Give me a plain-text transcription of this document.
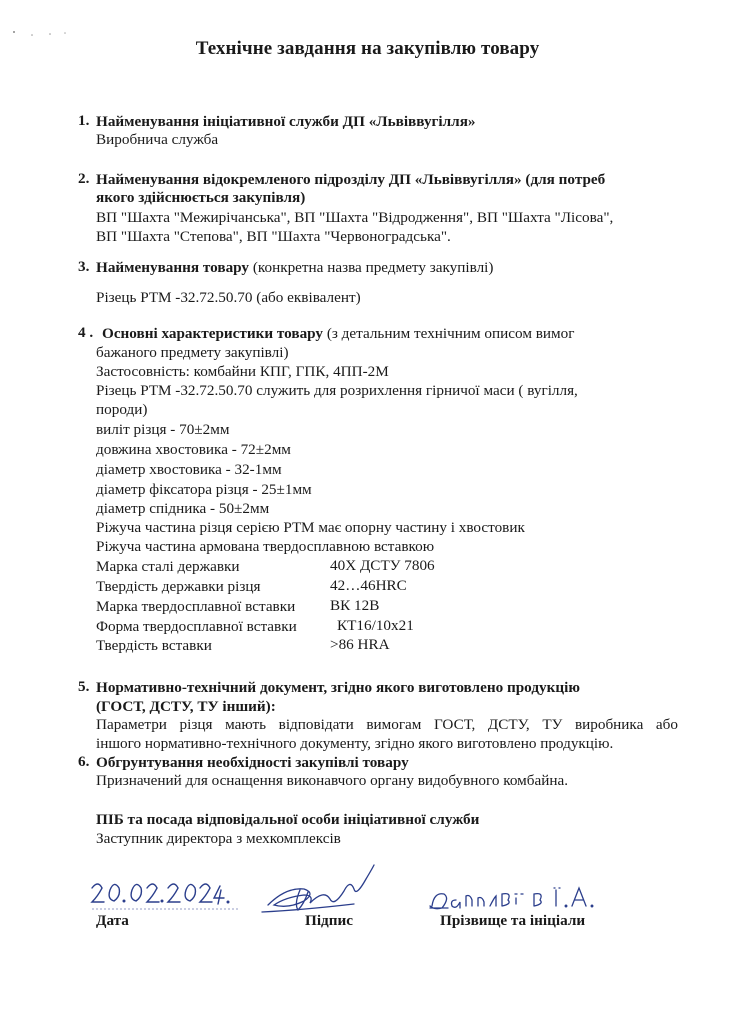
Технічне завдання на закупівлю товару
1. Найменування ініціативної служби ДП «Львіввугілля»
Виробнича служба
2. Найменування відокремленого підрозділу ДП «Львіввугілля» (для потреб
якого здійснюється закупівля)
ВП "Шахта "Межирічанська", ВП "Шахта "Відродження", ВП "Шахта "Лісова",
ВП "Шахта "Степова", ВП "Шахта "Червоноградська".
3. Найменування товару (конкретна назва предмету закупівлі)
Різець РТМ -32.72.50.70 (або еквівалент)
4 . Основні характеристики товару (з детальним технічним описом вимог
бажаного предмету закупівлі)
Застосовність: комбайни КПГ, ГПК, 4ПП-2М
Різець РТМ -32.72.50.70 служить для розрихлення гірничої маси ( вугілля,
породи)
виліт різця - 70±2мм
довжина хвостовика - 72±2мм
діаметр хвостовика - 32-1мм
діаметр фіксатора різця - 25±1мм
діаметр спідника - 50±2мм
Ріжуча частина різця серією РТМ має опорну частину і хвостовик
Ріжуча частина армована твердосплавною вставкою
Марка сталі державки	40Х ДСТУ 7806
Твердість державки різця	42…46HRC
Марка твердосплавної вставки ВК 12В
Форма твердосплавної вставки	КТ16/10х21
Твердість вставки	>86 HRA
5. Нормативно-технічний документ, згідно якого виготовлено продукцію
(ГОСТ, ДСТУ, ТУ інший):
Параметри різця мають відповідати вимогам ГОСТ, ДСТУ, ТУ виробника або
іншого нормативно-технічного документу, згідно якого виготовлено продукцію.
6. Обгрунтування необхідності закупівлі товару
Призначений для оснащення виконавчого органу видобувного комбайна.
ПІБ та посада відповідальної особи ініціативної служби
Заступник директора з мехкомплексів
Дата	Підпис	Прізвище та ініціали
